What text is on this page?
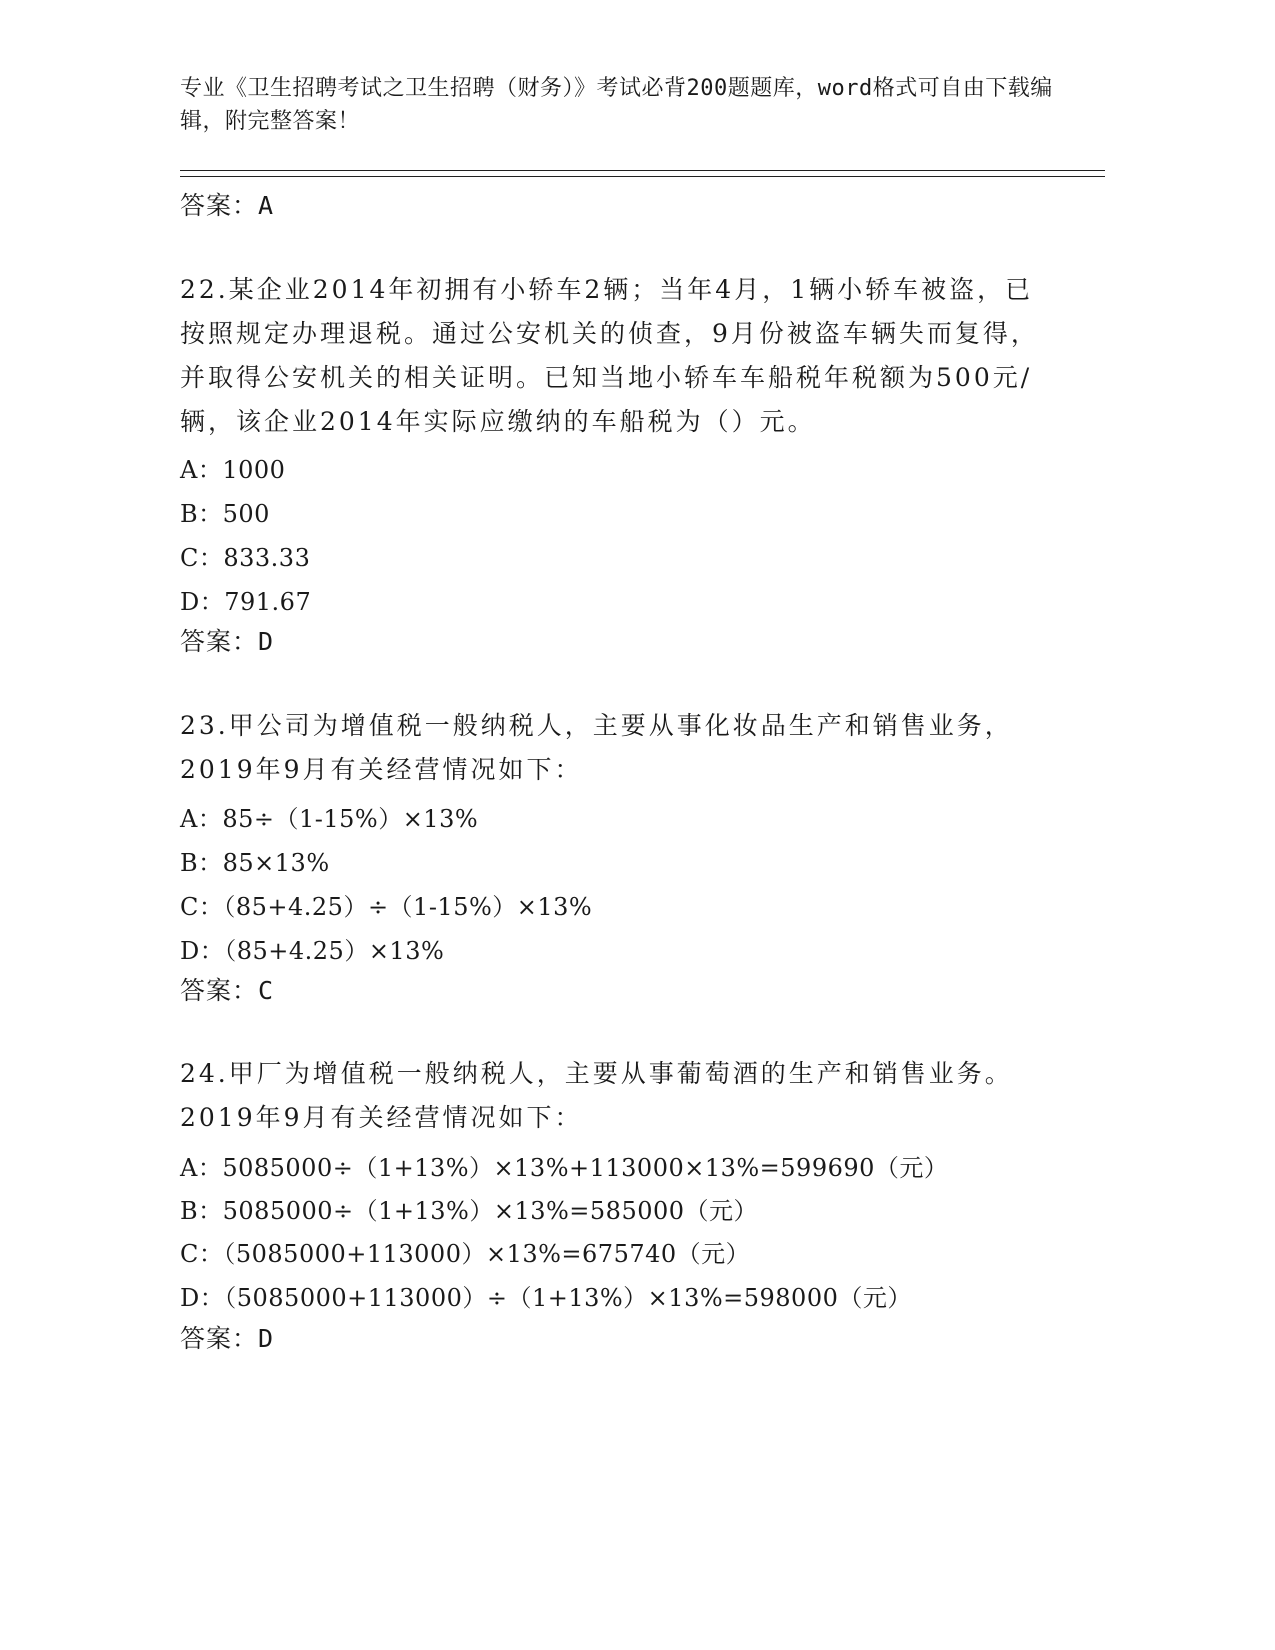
专业《卫生招聘考试之卫生招聘（财务）》考试必背200题题库，word格式可自由下载编辑，附完整答案！
答案：A
22.某企业2014年初拥有小轿车2辆；当年4月，1辆小轿车被盗，已按照规定办理退税。通过公安机关的侦查，9月份被盗车辆失而复得，并取得公安机关的相关证明。已知当地小轿车车船税年税额为500元/辆，该企业2014年实际应缴纳的车船税为（）元。
A：1000
B：500
C：833.33
D：791.67
答案：D
23.甲公司为增值税一般纳税人，主要从事化妆品生产和销售业务，2019年9月有关经营情况如下：
A：85÷（1-15%）×13%
B：85×13%
C：（85+4.25）÷（1-15%）×13%
D：（85+4.25）×13%
答案：C
24.甲厂为增值税一般纳税人，主要从事葡萄酒的生产和销售业务。2019年9月有关经营情况如下：
A：5085000÷（1+13%）×13%+113000×13%=599690（元）
B：5085000÷（1+13%）×13%=585000（元）
C：（5085000+113000）×13%=675740（元）
D：（5085000+113000）÷（1+13%）×13%=598000（元）
答案：D
